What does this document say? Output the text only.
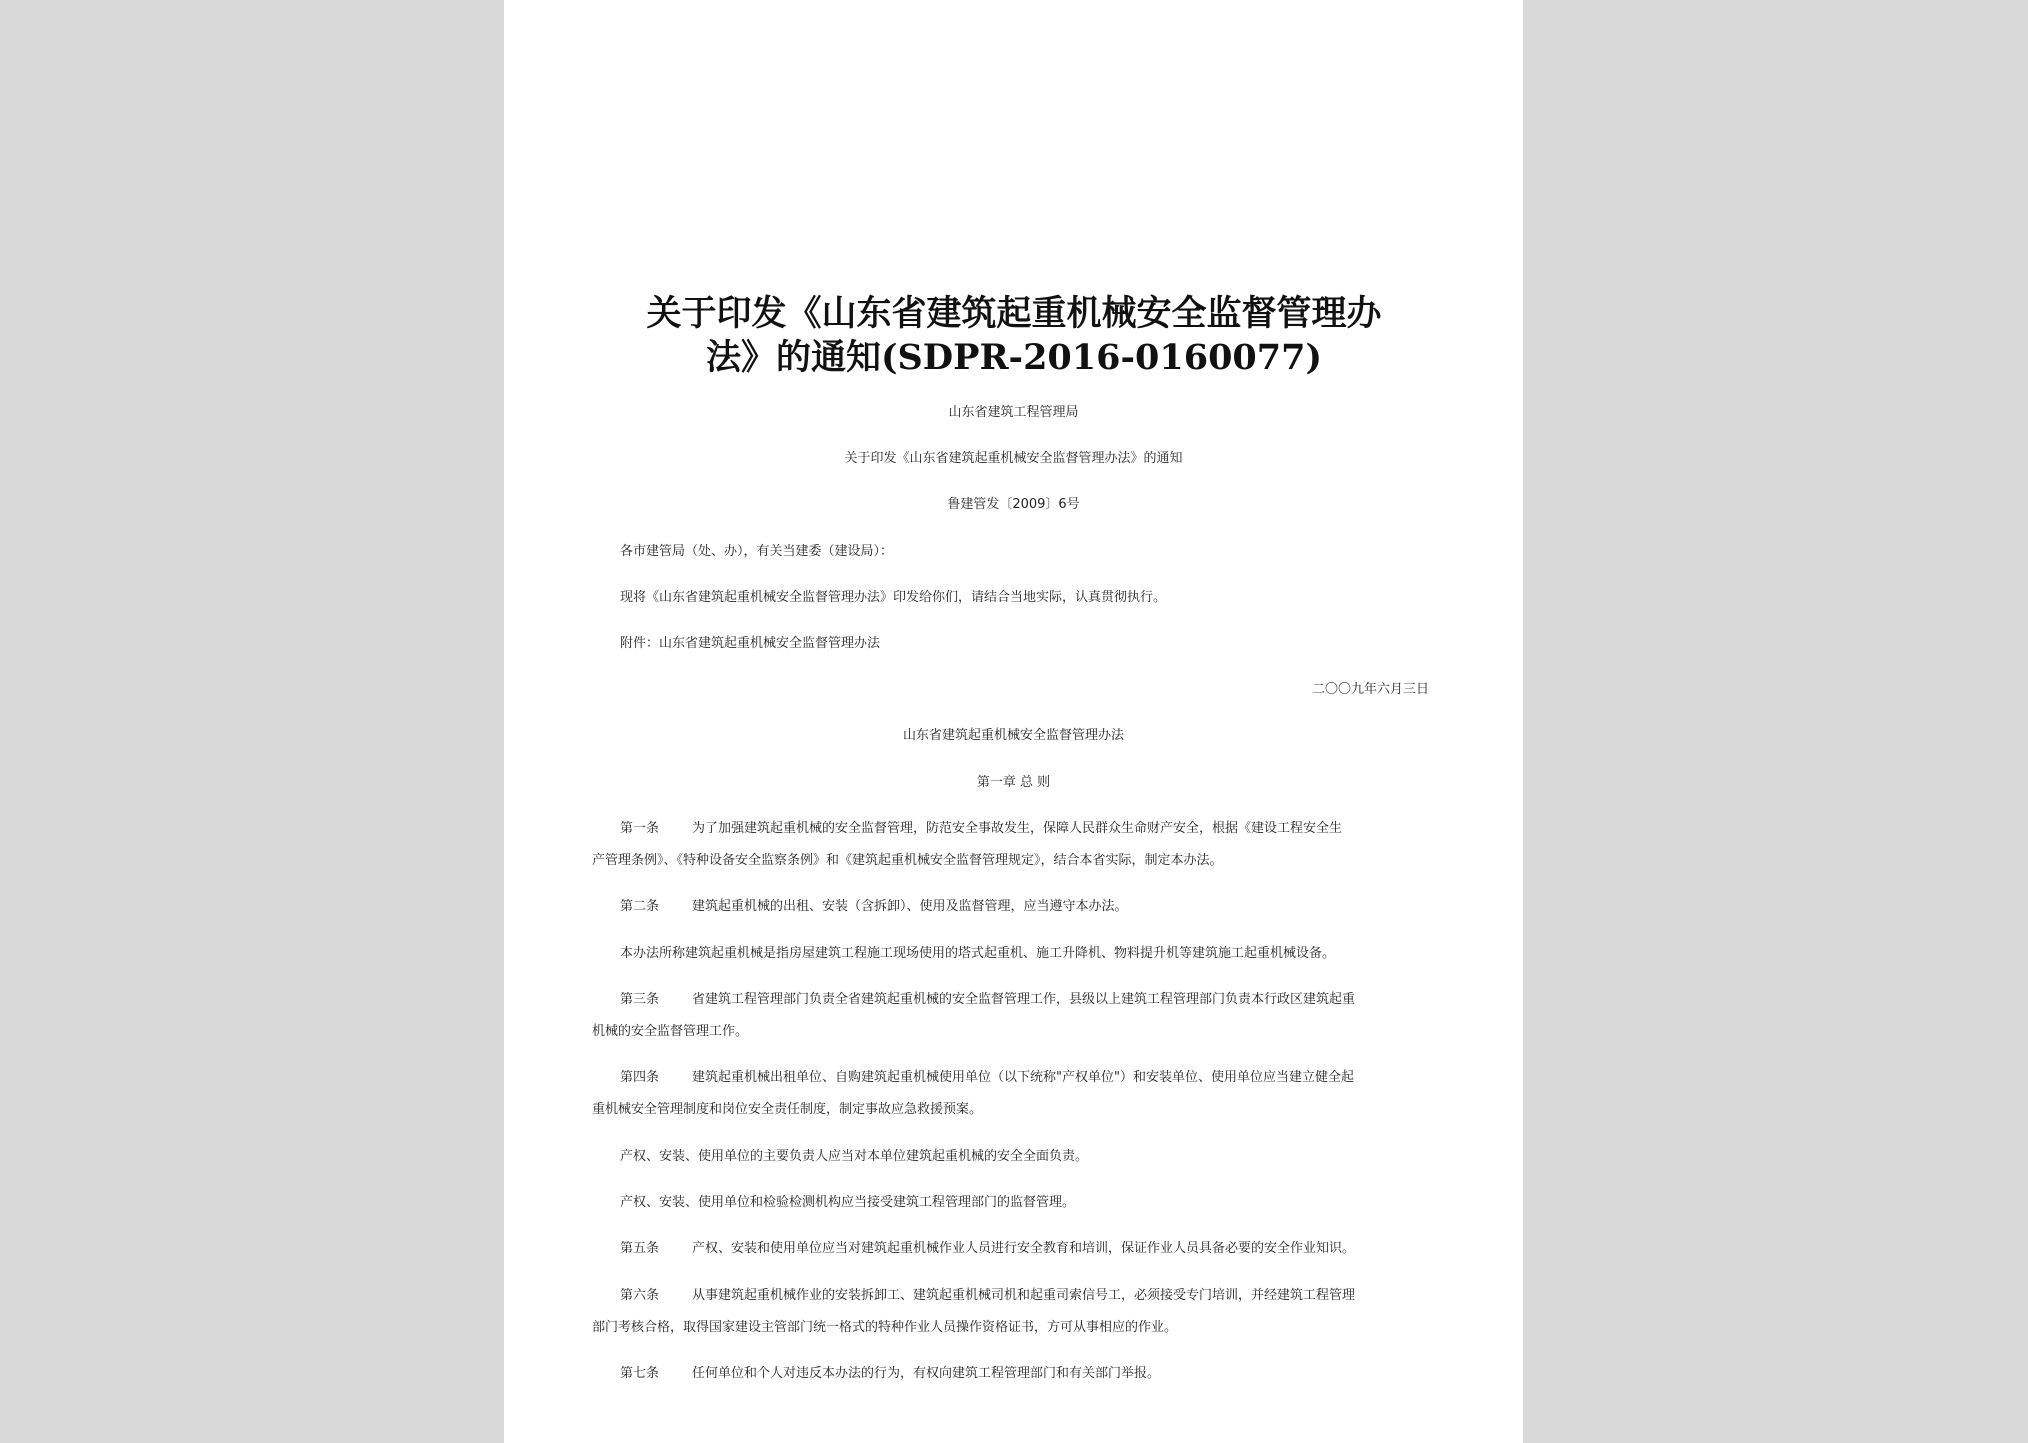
关于印发《山东省建筑起重机械安全监督管理办
法》的通知(SDPR-2016-0160077)
山东省建筑工程管理局
关于印发《山东省建筑起重机械安全监督管理办法》的通知
鲁建管发〔2009〕6号
各市建管局（处、办），有关当建委（建设局）：
现将《山东省建筑起重机械安全监督管理办法》印发给你们，请结合当地实际，认真贯彻执行。
附件：山东省建筑起重机械安全监督管理办法
二〇〇九年六月三日
山东省建筑起重机械安全监督管理办法
第一章 总 则
第一条	为了加强建筑起重机械的安全监督管理，防范安全事故发生，保障人民群众生命财产安全，根据《建设工程安全生
产管理条例》、《特种设备安全监察条例》和《建筑起重机械安全监督管理规定》，结合本省实际，制定本办法。
第二条	建筑起重机械的出租、安装（含拆卸）、使用及监督管理，应当遵守本办法。
本办法所称建筑起重机械是指房屋建筑工程施工现场使用的塔式起重机、施工升降机、物料提升机等建筑施工起重机械设备。
第三条	省建筑工程管理部门负责全省建筑起重机械的安全监督管理工作，县级以上建筑工程管理部门负责本行政区建筑起重
机械的安全监督管理工作。
第四条	建筑起重机械出租单位、自购建筑起重机械使用单位（以下统称"产权单位"）和安装单位、使用单位应当建立健全起
重机械安全管理制度和岗位安全责任制度，制定事故应急救援预案。
产权、安装、使用单位的主要负责人应当对本单位建筑起重机械的安全全面负责。
产权、安装、使用单位和检验检测机构应当接受建筑工程管理部门的监督管理。
第五条	产权、安装和使用单位应当对建筑起重机械作业人员进行安全教育和培训，保证作业人员具备必要的安全作业知识。
第六条	从事建筑起重机械作业的安装拆卸工、建筑起重机械司机和起重司索信号工，必须接受专门培训，并经建筑工程管理
部门考核合格，取得国家建设主管部门统一格式的特种作业人员操作资格证书，方可从事相应的作业。
第七条	任何单位和个人对违反本办法的行为，有权向建筑工程管理部门和有关部门举报。
